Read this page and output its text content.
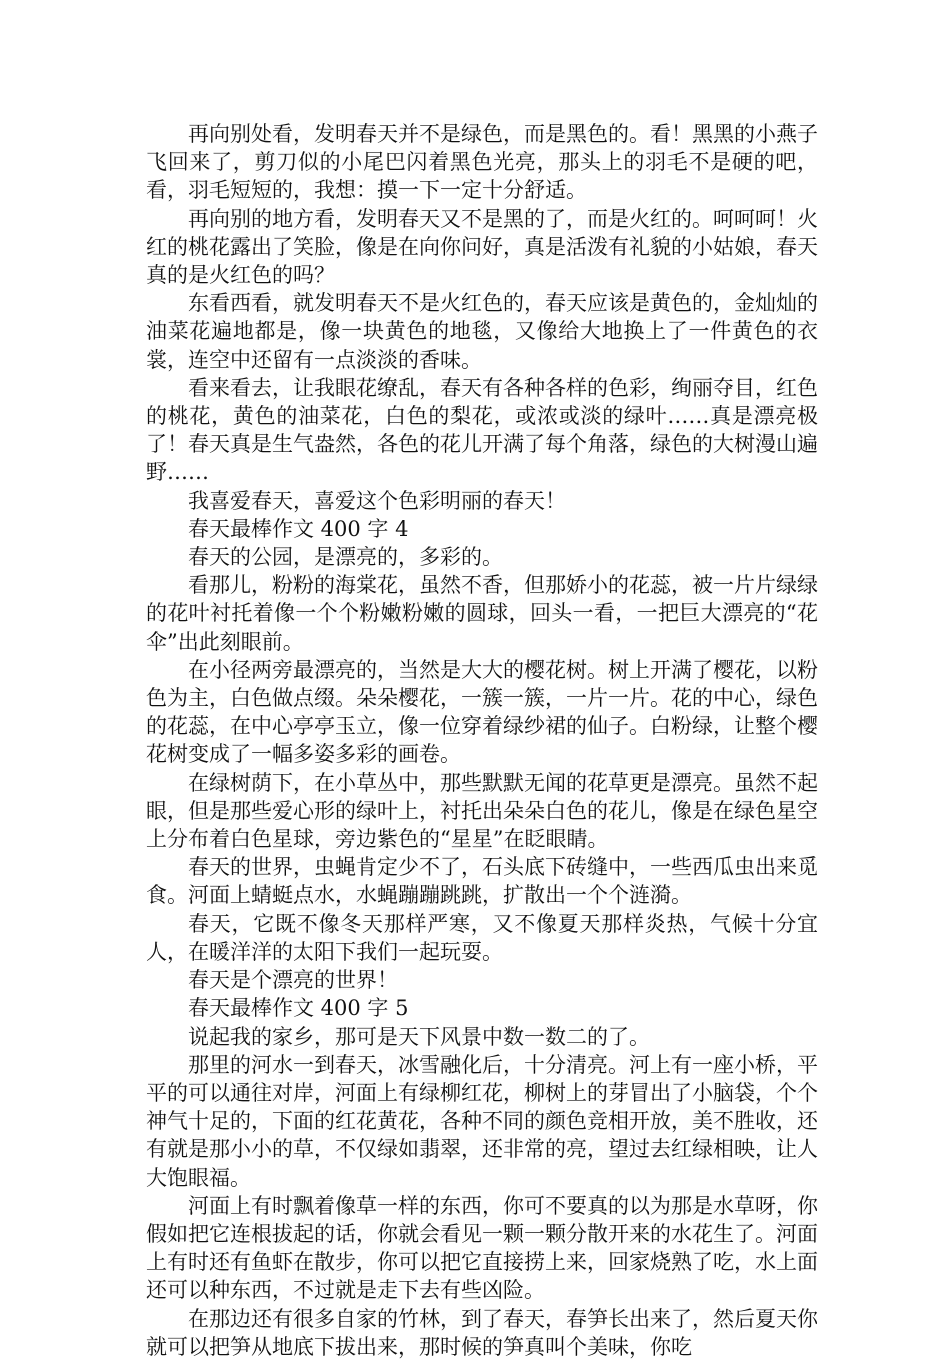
再向别处看，发明春天并不是绿色，而是黑色的。看！黑黑的小燕子飞回来了，剪刀似的小尾巴闪着黑色光亮，那头上的羽毛不是硬的吧，看，羽毛短短的，我想：摸一下一定十分舒适。

再向别的地方看，发明春天又不是黑的了，而是火红的。呵呵呵！火红的桃花露出了笑脸，像是在向你问好，真是活泼有礼貌的小姑娘，春天真的是火红色的吗？

东看西看，就发明春天不是火红色的，春天应该是黄色的，金灿灿的油菜花遍地都是，像一块黄色的地毯，又像给大地换上了一件黄色的衣裳，连空中还留有一点淡淡的香味。

看来看去，让我眼花缭乱，春天有各种各样的色彩，绚丽夺目，红色的桃花，黄色的油菜花，白色的梨花，或浓或淡的绿叶……真是漂亮极了！春天真是生气盎然，各色的花儿开满了每个角落，绿色的大树漫山遍野……

我喜爱春天，喜爱这个色彩明丽的春天！

春天最棒作文 400 字 4

春天的公园，是漂亮的，多彩的。

看那儿，粉粉的海棠花，虽然不香，但那娇小的花蕊，被一片片绿绿的花叶衬托着像一个个粉嫩粉嫩的圆球，回头一看，一把巨大漂亮的“花伞”出此刻眼前。

在小径两旁最漂亮的，当然是大大的樱花树。树上开满了樱花，以粉色为主，白色做点缀。朵朵樱花，一簇一簇，一片一片。花的中心，绿色的花蕊，在中心亭亭玉立，像一位穿着绿纱裙的仙子。白粉绿，让整个樱花树变成了一幅多姿多彩的画卷。

在绿树荫下，在小草丛中，那些默默无闻的花草更是漂亮。虽然不起眼，但是那些爱心形的绿叶上，衬托出朵朵白色的花儿，像是在绿色星空上分布着白色星球，旁边紫色的“星星”在眨眼睛。

春天的世界，虫蝇肯定少不了，石头底下砖缝中，一些西瓜虫出来觅食。河面上蜻蜓点水，水蝇蹦蹦跳跳，扩散出一个个涟漪。

春天，它既不像冬天那样严寒，又不像夏天那样炎热，气候十分宜人，在暖洋洋的太阳下我们一起玩耍。

春天是个漂亮的世界！

春天最棒作文 400 字 5

说起我的家乡，那可是天下风景中数一数二的了。

那里的河水一到春天，冰雪融化后，十分清亮。河上有一座小桥，平平的可以通往对岸，河面上有绿柳红花，柳树上的芽冒出了小脑袋，个个神气十足的，下面的红花黄花，各种不同的颜色竞相开放，美不胜收，还有就是那小小的草，不仅绿如翡翠，还非常的亮，望过去红绿相映，让人大饱眼福。

河面上有时飘着像草一样的东西，你可不要真的以为那是水草呀，你假如把它连根拔起的话，你就会看见一颗一颗分散开来的水花生了。河面上有时还有鱼虾在散步，你可以把它直接捞上来，回家烧熟了吃，水上面还可以种东西，不过就是走下去有些凶险。

在那边还有很多自家的竹林，到了春天，春笋长出来了，然后夏天你就可以把笋从地底下拔出来，那时候的笋真叫个美味，你吃
